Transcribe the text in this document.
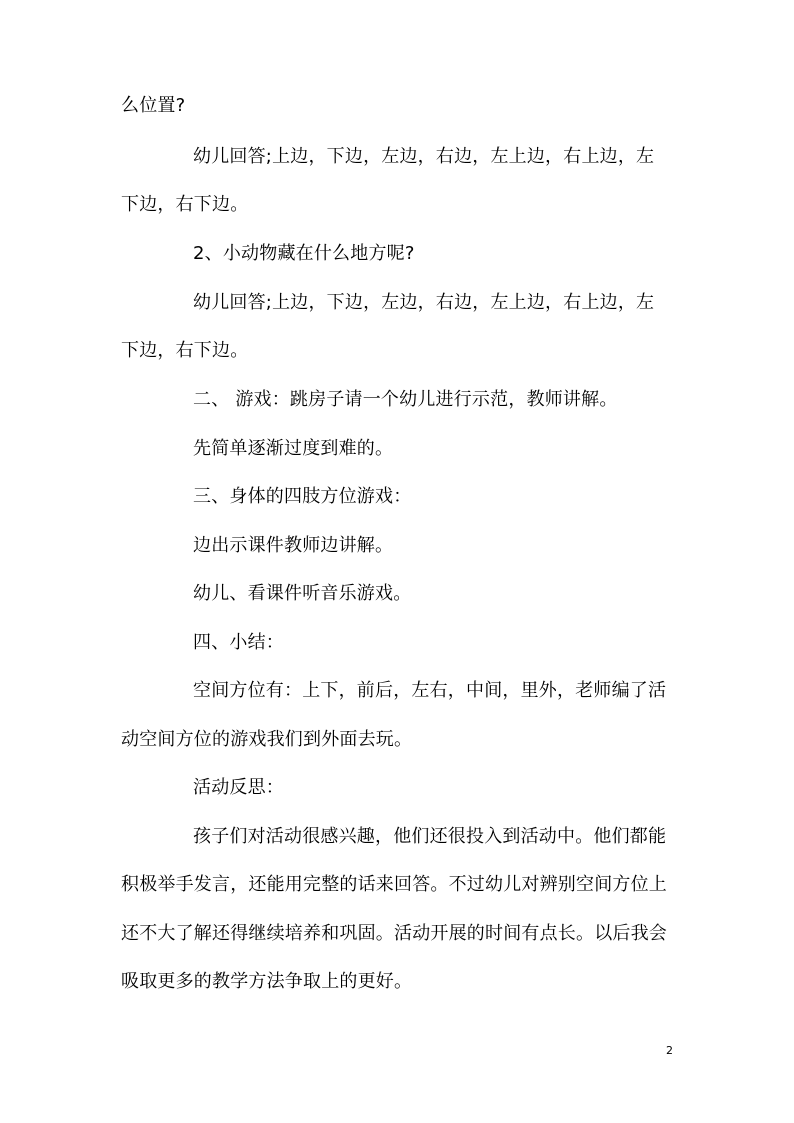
么位置?
幼儿回答;上边，下边，左边，右边，左上边，右上边，左
下边，右下边。
2、小动物藏在什么地方呢?
幼儿回答;上边，下边，左边，右边，左上边，右上边，左
下边，右下边。
二、 游戏：跳房子请一个幼儿进行示范，教师讲解。
先简单逐渐过度到难的。
三、身体的四肢方位游戏：
边出示课件教师边讲解。
幼儿、看课件听音乐游戏。
四、小结：
空间方位有：上下，前后，左右，中间，里外，老师编了活
动空间方位的游戏我们到外面去玩。
活动反思：
孩子们对活动很感兴趣，他们还很投入到活动中。他们都能
积极举手发言，还能用完整的话来回答。不过幼儿对辨别空间方位上
还不大了解还得继续培养和巩固。活动开展的时间有点长。以后我会
吸取更多的教学方法争取上的更好。
2
